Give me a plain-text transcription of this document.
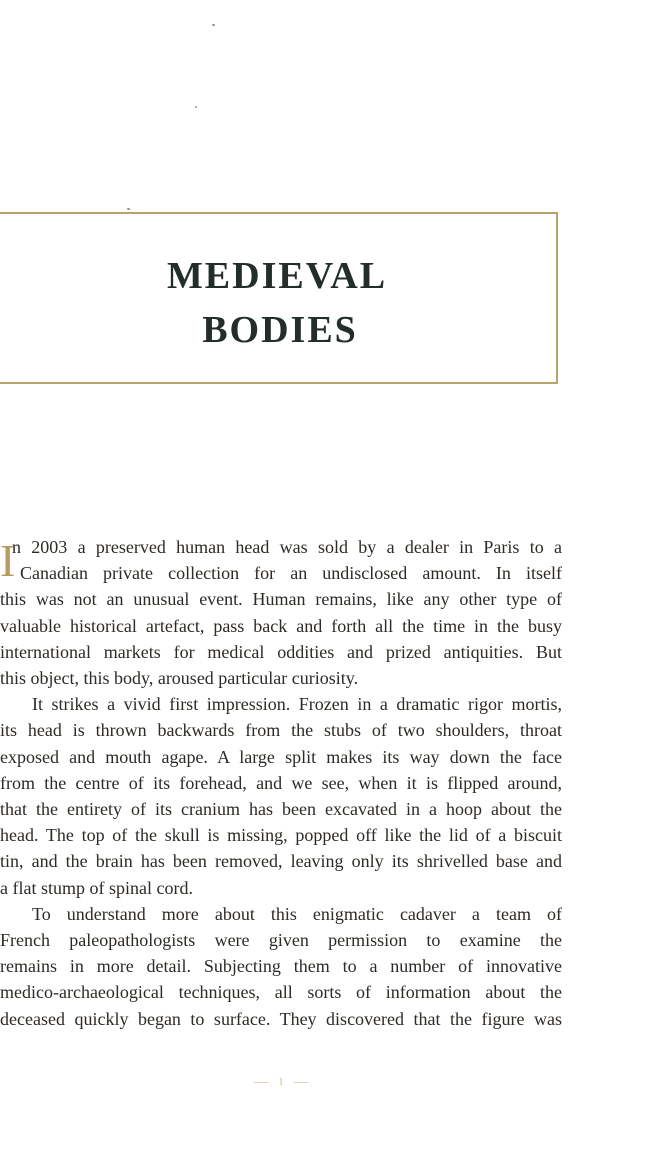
MEDIEVAL
BODIES
I

n 2003 a preserved human head was sold by a dealer in Paris to a
Canadian private collection for an undisclosed amount. In itself
this was not an unusual event. Human remains, like any other type of
valuable historical artefact, pass back and forth all the time in the busy
international markets for medical oddities and prized antiquities. But
this object, this body, aroused particular curiosity.

It strikes a vivid first impression. Frozen in a dramatic rigor mortis,
its head is thrown backwards from the stubs of two shoulders, throat
exposed and mouth agape. A large split makes its way down the face
from the centre of its forehead, and we see, when it is flipped around,
that the entirety of its cranium has been excavated in a hoop about the
head. The top of the skull is missing, popped off like the lid of a biscuit
tin, and the brain has been removed, leaving only its shrivelled base and
a flat stump of spinal cord.

To understand more about this enigmatic cadaver a team of
French paleopathologists were given permission to examine the
remains in more detail. Subjecting them to a number of innovative
medico-archaeological techniques, all sorts of information about the
deceased quickly began to surface. They discovered that the figure was

1
